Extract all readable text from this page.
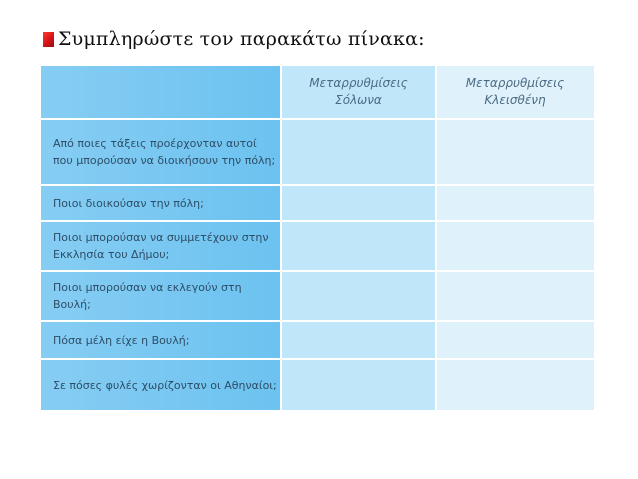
Συμπληρώστε τον παρακάτω πίνακα:
Μεταρρυθμίσεις
Σόλωνα
Μεταρρυθμίσεις
Κλεισθένη
Από ποιες τάξεις προέρχονταν αυτοί που μπορούσαν να διοικήσουν την πόλη;
Ποιοι διοικούσαν την πόλη;
Ποιοι μπορούσαν να συμμετέχουν στην Εκκλησία του Δήμου;
Ποιοι μπορούσαν να εκλεγούν στη Βουλή;
Πόσα μέλη είχε η Βουλή;
Σε πόσες φυλές χωρίζονταν οι Αθηναίοι;
